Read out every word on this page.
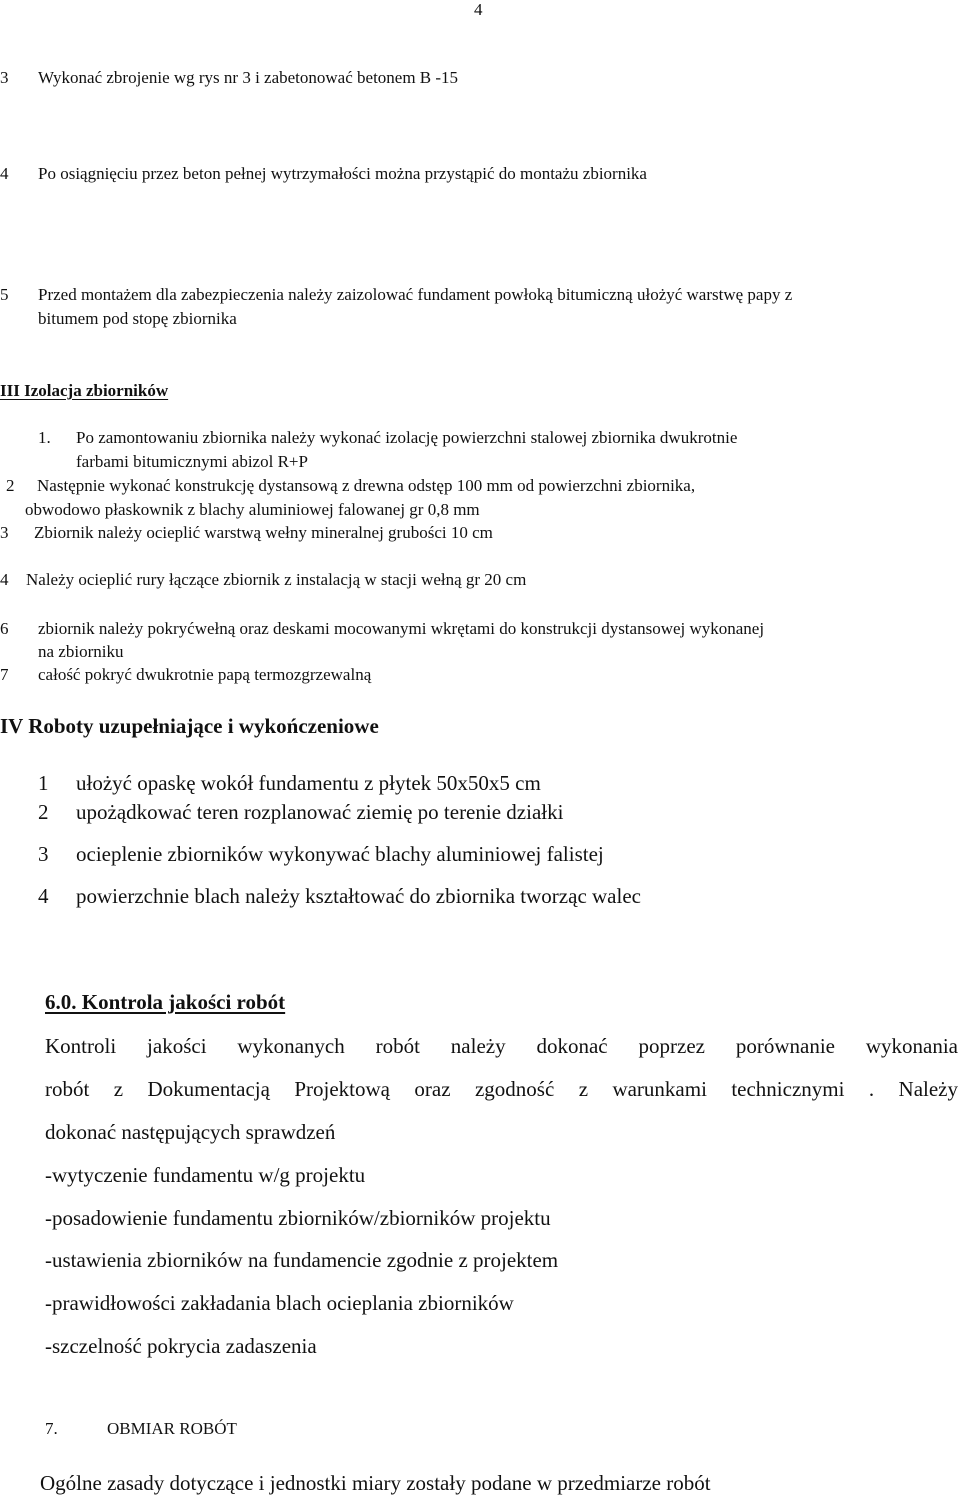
4
3 Wykonać zbrojenie wg rys nr 3 i zabetonować betonem B -15
4 Po osiągnięciu przez beton pełnej wytrzymałości można przystąpić do montażu zbiornika
5 Przed montażem dla zabezpieczenia należy zaizolować fundament powłoką bitumiczną ułożyć warstwę papy z
bitumem pod stopę zbiornika
III Izolacja zbiorników
1. Po zamontowaniu zbiornika należy wykonać izolację powierzchni stalowej zbiornika dwukrotnie
farbami bitumicznymi abizol R+P
2 Następnie wykonać konstrukcję dystansową z drewna odstęp 100 mm od powierzchni zbiornika,
obwodowo płaskownik z blachy aluminiowej falowanej gr 0,8 mm
3 Zbiornik należy ocieplić warstwą wełny mineralnej grubości 10 cm
4 Należy ocieplić rury łączące zbiornik z instalacją w stacji wełną gr 20 cm
6 zbiornik należy pokryćwełną oraz deskami mocowanymi wkrętami do konstrukcji dystansowej wykonanej
na zbiorniku
7 całość pokryć dwukrotnie papą termozgrzewalną
IV Roboty uzupełniające i wykończeniowe
1 ułożyć opaskę wokół fundamentu z płytek 50x50x5 cm
2 upożądkować teren rozplanować ziemię po terenie działki
3 ocieplenie zbiorników wykonywać blachy aluminiowej falistej
4 powierzchnie blach należy kształtować do zbiornika tworząc walec
6.0. Kontrola jakości robót
Kontroli jakości wykonanych robót należy dokonać poprzez porównanie wykonania
robót z Dokumentacją Projektową oraz zgodność z warunkami technicznymi . Należy
dokonać następujących sprawdzeń
-wytyczenie fundamentu w/g projektu
-posadowienie fundamentu zbiorników/zbiorników projektu
-ustawienia zbiorników na fundamencie zgodnie z projektem
-prawidłowości zakładania blach ocieplania zbiorników
-szczelność pokrycia zadaszenia
7.	OBMIAR ROBÓT
Ogólne zasady dotyczące i jednostki miary zostały podane w przedmiarze robót
